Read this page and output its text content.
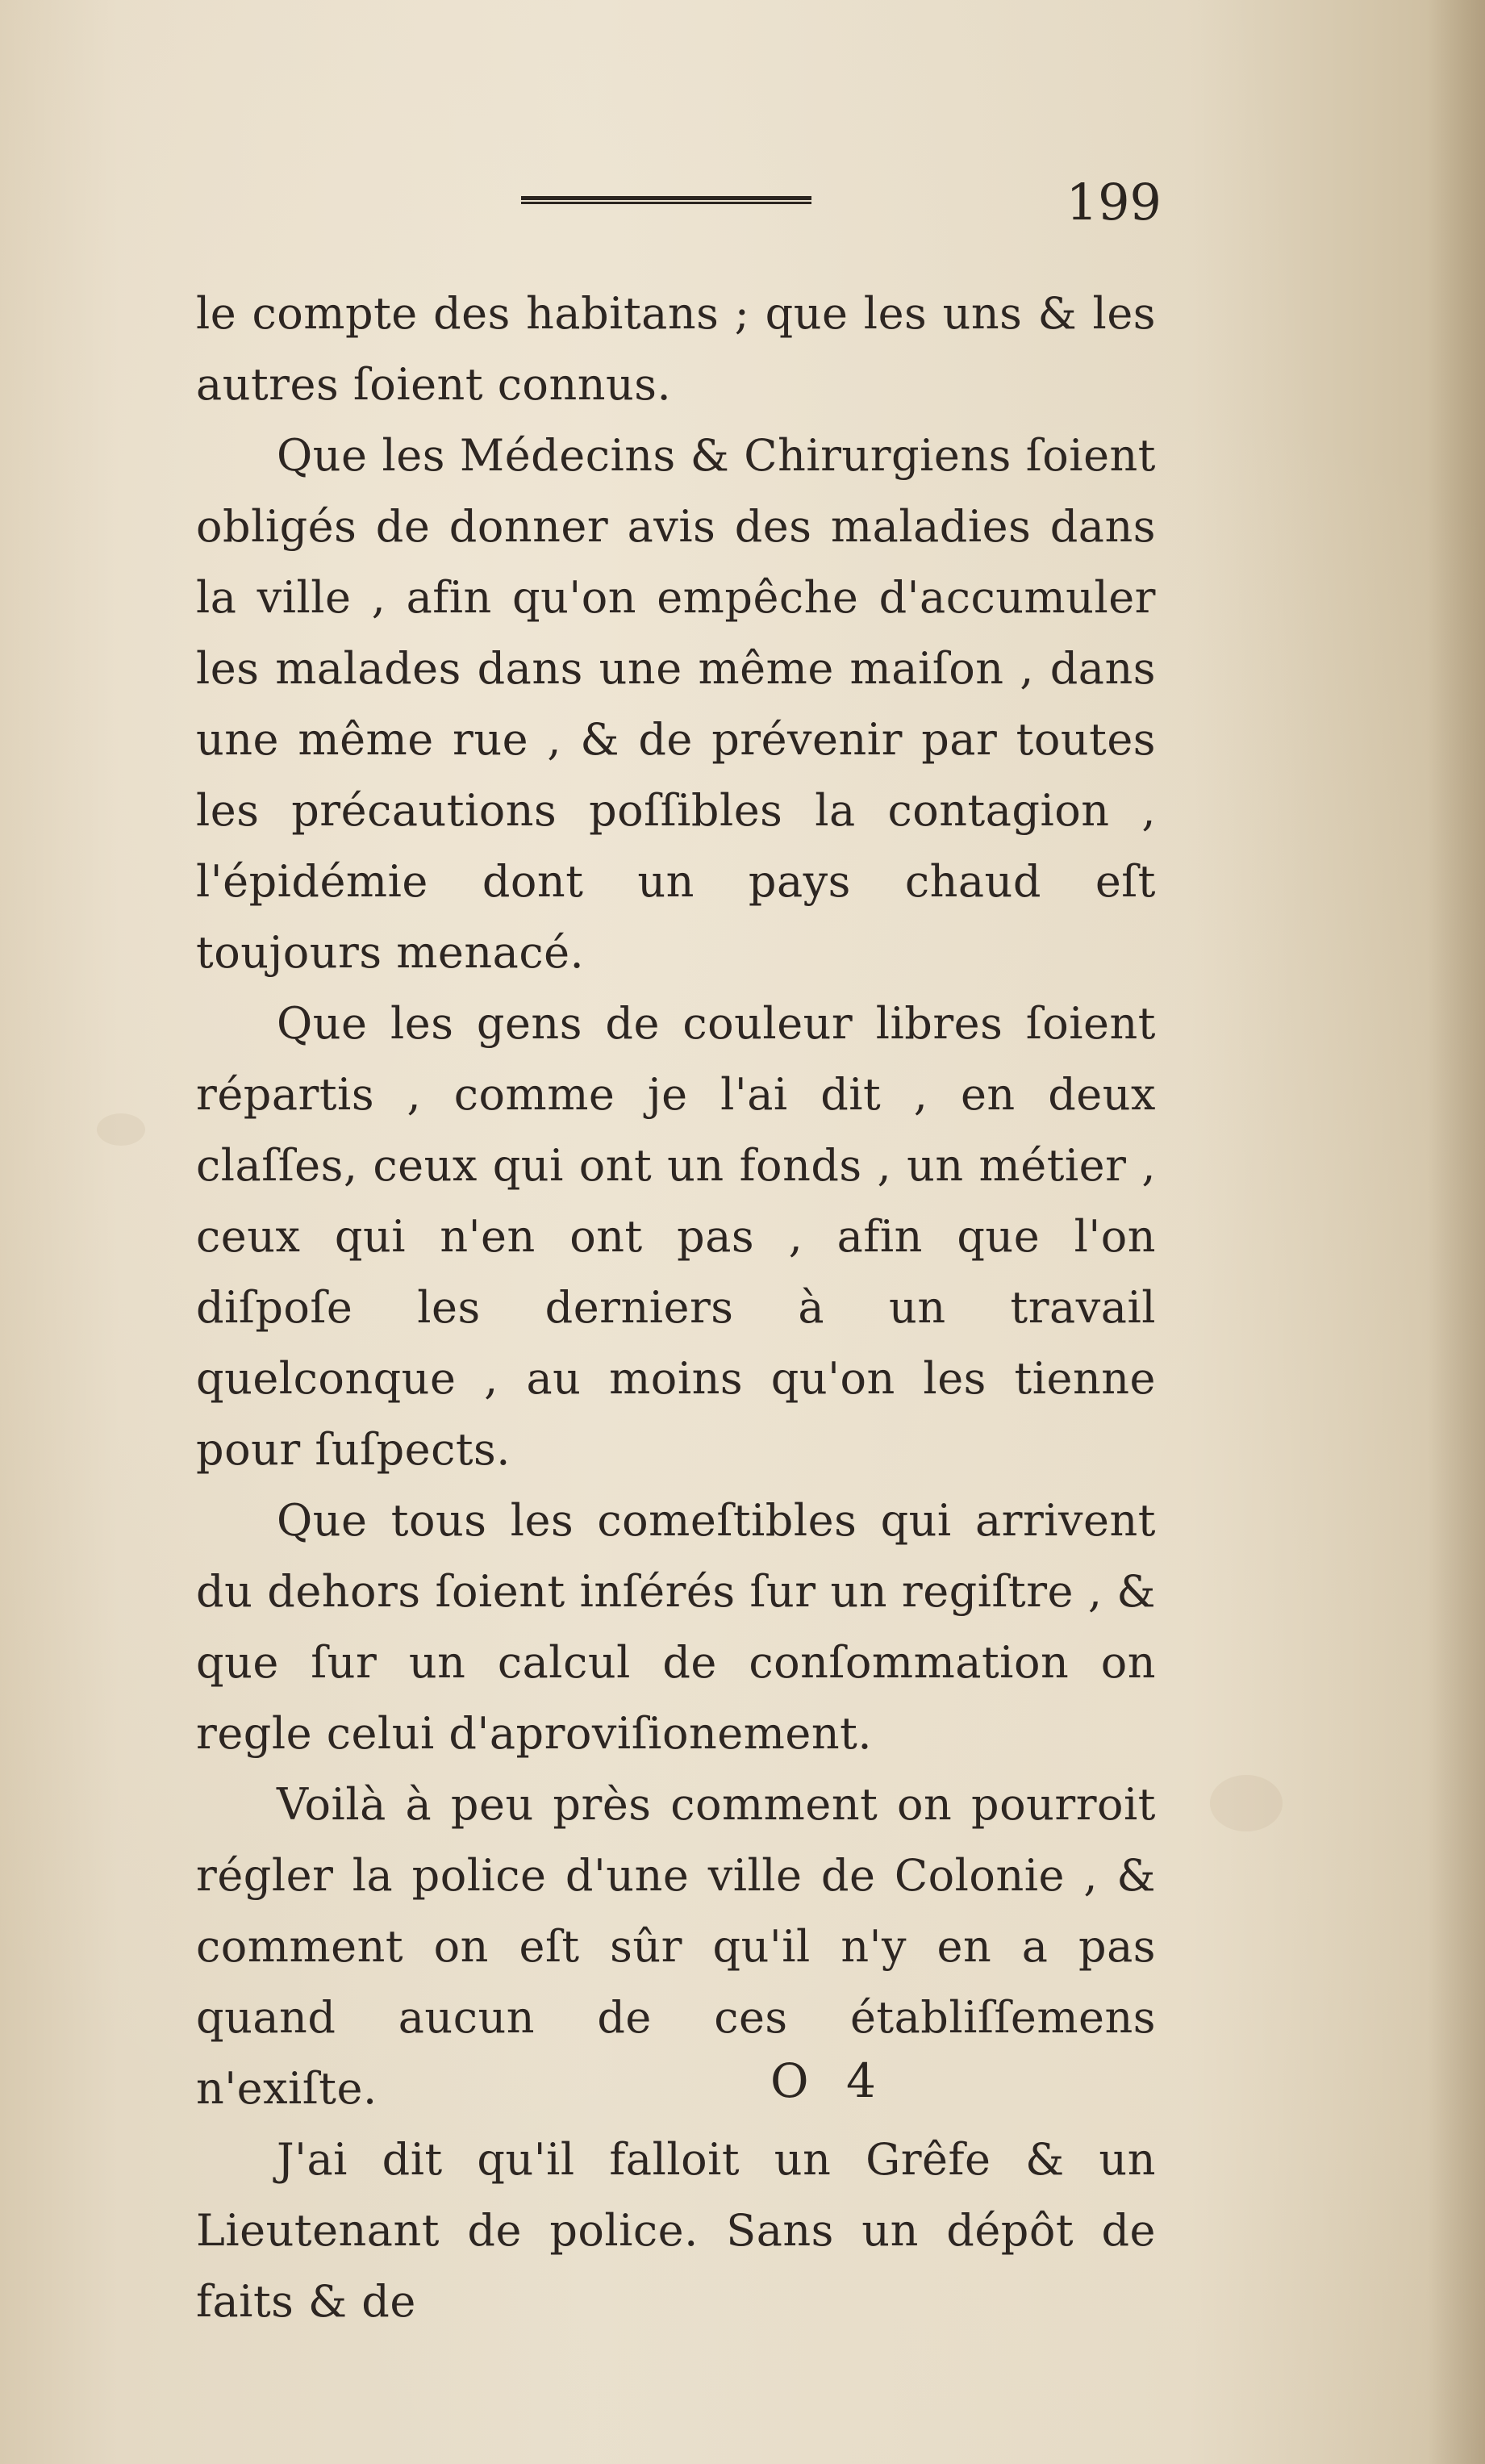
199

le compte des habitans ; que les uns & les autres ſoient connus.

Que les Médecins & Chirurgiens ſoient obligés de donner avis des maladies dans la ville , afin qu'on empêche d'accumuler les malades dans une même maiſon , dans une même rue , & de prévenir par toutes les précautions poſſibles la contagion , l'épidémie dont un pays chaud eſt toujours menacé.

Que les gens de couleur libres ſoient répartis , comme je l'ai dit , en deux claſſes, ceux qui ont un fonds , un métier , ceux qui n'en ont pas , afin que l'on diſpoſe les derniers à un travail quelconque , au moins qu'on les tienne pour ſuſpects.

Que tous les comeſtibles qui arrivent du dehors ſoient inſérés ſur un regiſtre , & que ſur un calcul de conſommation on regle celui d'aproviſionement.

Voilà à peu près comment on pourroit régler la police d'une ville de Colonie , & comment on eſt sûr qu'il n'y en a pas quand aucun de ces établiſſemens n'exiſte.

J'ai dit qu'il falloit un Grêfe & un Lieutenant de police. Sans un dépôt de faits & de

O 4
